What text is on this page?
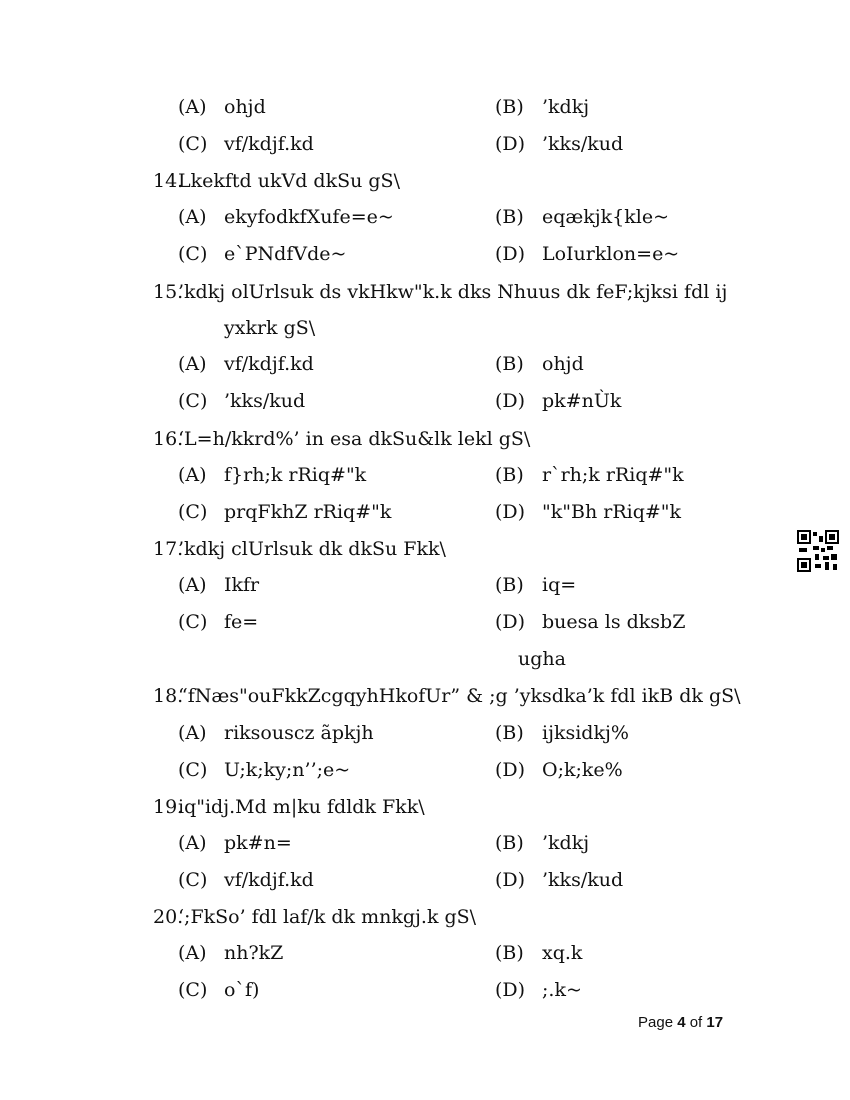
(A) ohjd	(B) ’kdkj
(C) vf/kdjf.kd	(D) ’kks/kud
14.
Lkekftd ukVd dkSu gS\
(A) ekyfodkfXufe=e~	(B) eqækjk{kle~
(C) e`PNdfVde~	(D) LoIurklon=e~
15.
’kdkj olUrlsuk ds vkHkw"k.k dks Nhuus dk feF;kjksi fdl ij
yxkrk gS\
(A) vf/kdjf.kd	(B) ohjd
(C) ’kks/kud	(D) pk#nÙk
16.
‘L=h/kkrd%’ in esa dkSu&lk lekl gS\
(A) f}rh;k rRiq#"k	(B) r`rh;k rRiq#"k
(C) prqFkhZ rRiq#"k	(D) "k"Bh rRiq#"k
17.
’kdkj clUrlsuk dk dkSu Fkk\
(A) Ikfr	(B) iq=
(C) fe=	(D) buesa ls dksbZ
ugha
18.
“fNæs"ouFkkZcgqyhHkofUr” & ;g ’yksdka’k fdl ikB dk gS\
(A) riksouscz ãpkjh	(B) ijksidkj%
(C) U;k;ky;n’’;e~	(D) O;k;ke%
19.
iq"idj.Md m|ku fdldk Fkk\
(A) pk#n=	(B) ’kdkj
(C) vf/kdjf.kd	(D) ’kks/kud
20.
‘;FkSo’ fdl laf/k dk mnkgj.k gS\
(A) nh?kZ	(B) xq.k
(C) o`f)	(D) ;.k~
Page 4 of 17
